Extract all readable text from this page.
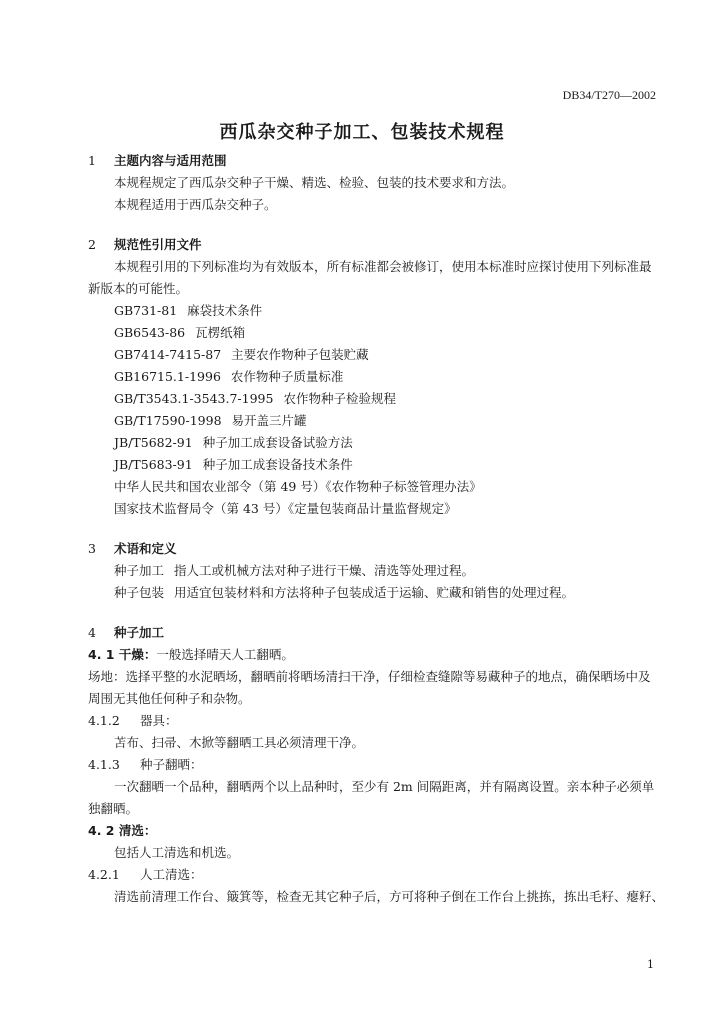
DB34/T270—2002
西瓜杂交种子加工、包装技术规程
1 主题内容与适用范围
本规程规定了西瓜杂交种子干燥、精选、检验、包装的技术要求和方法。
本规程适用于西瓜杂交种子。
2 规范性引用文件
本规程引用的下列标准均为有效版本，所有标准都会被修订，使用本标准时应探讨使用下列标准最新版本的可能性。
GB731-81 麻袋技术条件
GB6543-86 瓦楞纸箱
GB7414-7415-87 主要农作物种子包装贮藏
GB16715.1-1996 农作物种子质量标准
GB/T3543.1-3543.7-1995 农作物种子检验规程
GB/T17590-1998 易开盖三片罐
JB/T5682-91 种子加工成套设备试验方法
JB/T5683-91 种子加工成套设备技术条件
中华人民共和国农业部令（第 49 号）《农作物种子标签管理办法》
国家技术监督局令（第 43 号）《定量包装商品计量监督规定》
3 术语和定义
种子加工 指人工或机械方法对种子进行干燥、清选等处理过程。
种子包装 用适宜包装材料和方法将种子包装成适于运输、贮藏和销售的处理过程。
4 种子加工
4. 1 干燥：一般选择晴天人工翻晒。
场地：选择平整的水泥晒场，翻晒前将晒场清扫干净，仔细检查缝隙等易藏种子的地点，确保晒场中及周围无其他任何种子和杂物。
4.1.2 器具：
苫布、扫帚、木掀等翻晒工具必须清理干净。
4.1.3 种子翻晒：
一次翻晒一个品种，翻晒两个以上品种时，至少有 2m 间隔距离，并有隔离设置。亲本种子必须单独翻晒。
4. 2 清选：
包括人工清选和机选。
4.2.1 人工清选：
清选前清理工作台、簸箕等，检查无其它种子后，方可将种子倒在工作台上挑拣，拣出毛籽、瘪籽、
1
